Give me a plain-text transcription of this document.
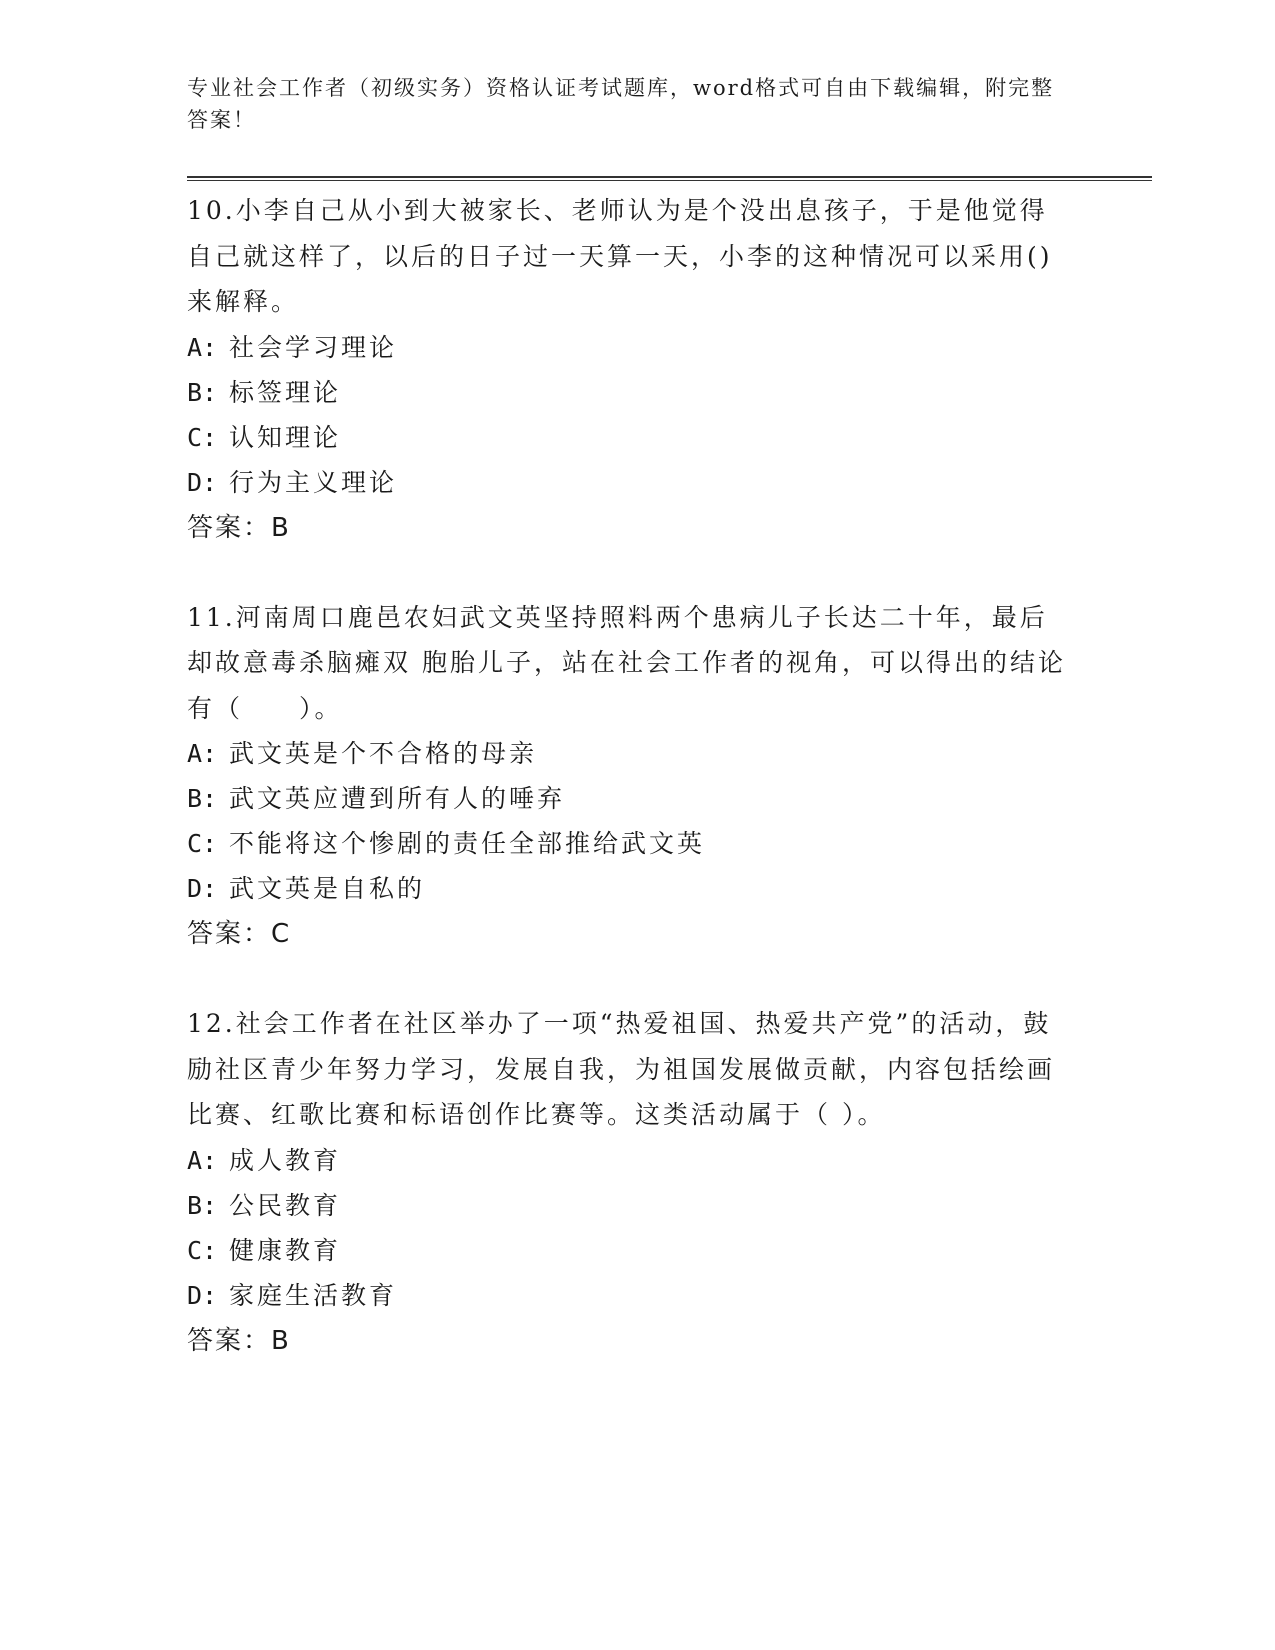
专业社会工作者（初级实务）资格认证考试题库，word格式可自由下载编辑，附完整答案！

10.小李自己从小到大被家长、老师认为是个没出息孩子，于是他觉得自己就这样了，以后的日子过一天算一天，小李的这种情况可以采用()来解释。

A: 社会学习理论
B: 标签理论
C: 认知理论
D: 行为主义理论
答案：B

11.河南周口鹿邑农妇武文英坚持照料两个患病儿子长达二十年，最后却故意毒杀脑瘫双 胞胎儿子，站在社会工作者的视角，可以得出的结论有（　　）。

A: 武文英是个不合格的母亲
B: 武文英应遭到所有人的唾弃
C: 不能将这个惨剧的责任全部推给武文英
D: 武文英是自私的
答案：C

12.社会工作者在社区举办了一项“热爱祖国、热爱共产党”的活动，鼓励社区青少年努力学习，发展自我，为祖国发展做贡献，内容包括绘画比赛、红歌比赛和标语创作比赛等。这类活动属于（ ）。

A: 成人教育
B: 公民教育
C: 健康教育
D: 家庭生活教育
答案：B
